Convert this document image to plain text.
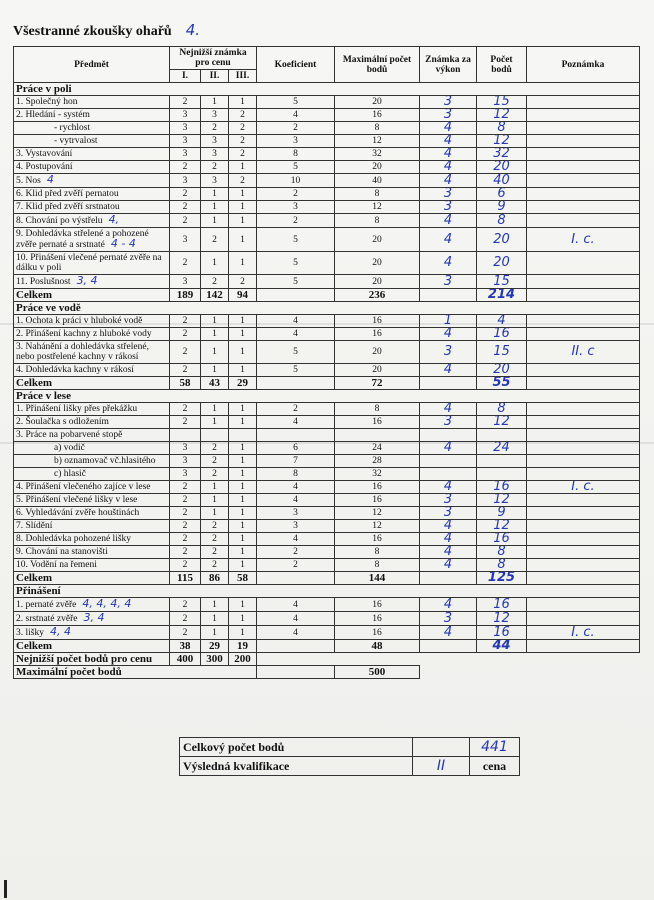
Všestranné zkoušky ohařů 4.
Předmět	Nejnižší známka pro cenu			Koeficient	Maximální počet bodů	Známka za výkon	Počet bodů	Poznámka
	I.	II.	III.					
Práce v poli								
1. Společný hon	2	1	1	5	20	3	15	
2. Hledání - systém	3	3	2	4	16	3	12	
- rychlost	3	2	2	2	8	4	8	
- vytrvalost	3	3	2	3	12	4	12	
3. Vystavování	3	3	2	8	32	4	32	
4. Postupování	2	2	1	5	20	4	20	
5. Nos 4	3	3	2	10	40	4	40	
6. Klid před zvěří pernatou	2	1	1	2	8	3	6	
7. Klid před zvěří srstnatou	2	1	1	3	12	3	9	
8. Chování po výstřelu 4,	2	1	1	2	8	4	8	
9. Dohledávka střelené a pohozené zvěře pernaté a srstnaté 4 - 4	3	2	1	5	20	4	20	I. c.
10. Přinášení vlečené pernaté zvěře na dálku v poli	2	1	1	5	20	4	20	
11. Poslušnost 3, 4	3	2	2	5	20	3	15	
Celkem	189	142	94		236		214	
Práce ve vodě								
1. Ochota k práci v hluboké vodě	2	1	1	4	16	1	4	
2. Přinášení kachny z hluboké vody	2	1	1	4	16	4	16	
3. Nahánění a dohledávka střelené, nebo postřelené kachny v rákosí	2	1	1	5	20	3	15	II. c
4. Dohledávka kachny v rákosí	2	1	1	5	20	4	20	
Celkem	58	43	29		72		55	
Práce v lese								
1. Přinášení lišky přes překážku	2	1	1	2	8	4	8	
2. Šoulačka s odložením	2	1	1	4	16	3	12	
3. Práce na pobarvené stopě								
a) vodič	3	2	1	6	24	4	24	
b) oznamovač vč.hlasitého	3	2	1	7	28			
c) hlasič	3	2	1	8	32			
4. Přinášení vlečeného zajíce v lese	2	1	1	4	16	4	16	I. c.
5. Přinášení vlečené lišky v lese	2	1	1	4	16	3	12	
6. Vyhledávání zvěře houštinách	2	1	1	3	12	3	9	
7. Slídění	2	2	1	3	12	4	12	
8. Dohledávka pohozené lišky	2	2	1	4	16	4	16	
9. Chování na stanovišti	2	2	1	2	8	4	8	
10. Vodění na řemeni	2	2	1	2	8	4	8	
Celkem	115	86	58		144		125	
Přinášení								
1. pernaté zvěře 4, 4, 4, 4	2	1	1	4	16	4	16	
2. srstnaté zvěře 3, 4	2	1	1	4	16	3	12	
3. lišky 4, 4	2	1	1	4	16	4	16	I. c.
Celkem	38	29	19		48		44	
Nejnižší počet bodů pro cenu	400	300	200					
Maximální počet bodů					500			
Celkový počet bodů		441
Výsledná kvalifikace	II	cena
